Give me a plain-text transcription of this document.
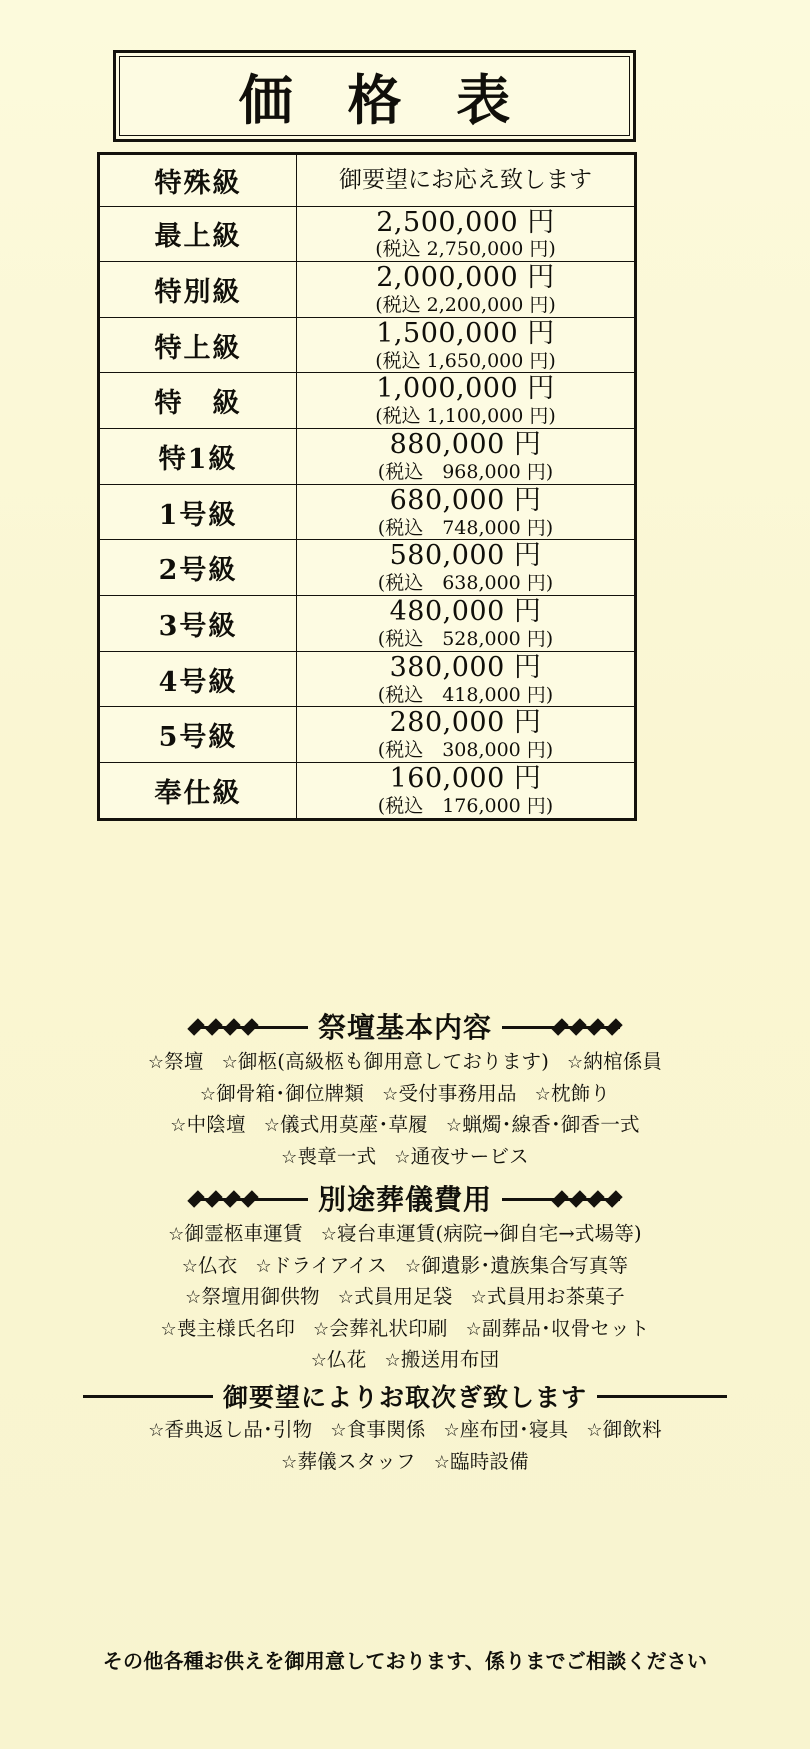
価 格 表
特殊級	御要望にお応え致します

最上級	2,500,000 円
(税込 2,750,000 円)

特別級	2,000,000 円
(税込 2,200,000 円)

特上級	1,500,000 円
(税込 1,650,000 円)

特　級	1,000,000 円
(税込 1,100,000 円)

特1級	880,000 円
(税込　968,000 円)

1号級	680,000 円
(税込　748,000 円)

2号級	580,000 円
(税込　638,000 円)

3号級	480,000 円
(税込　528,000 円)

4号級	380,000 円
(税込　418,000 円)

5号級	280,000 円
(税込　308,000 円)

奉仕級	160,000 円
(税込　176,000 円)
祭壇基本内容
☆祭壇 ☆御柩(高級柩も御用意しております) ☆納棺係員
☆御骨箱･御位牌類 ☆受付事務用品 ☆枕飾り
☆中陰壇 ☆儀式用莫蓙･草履 ☆蝋燭･線香･御香一式
☆喪章一式 ☆通夜サービス
別途葬儀費用
☆御霊柩車運賃 ☆寝台車運賃(病院→御自宅→式場等)
☆仏衣 ☆ドライアイス ☆御遺影･遺族集合写真等
☆祭壇用御供物 ☆式員用足袋 ☆式員用お茶菓子
☆喪主様氏名印 ☆会葬礼状印刷 ☆副葬品･収骨セット
☆仏花 ☆搬送用布団
御要望によりお取次ぎ致します
☆香典返し品･引物 ☆食事関係 ☆座布団･寝具 ☆御飲料
☆葬儀スタッフ ☆臨時設備
その他各種お供えを御用意しております、係りまでご相談ください
